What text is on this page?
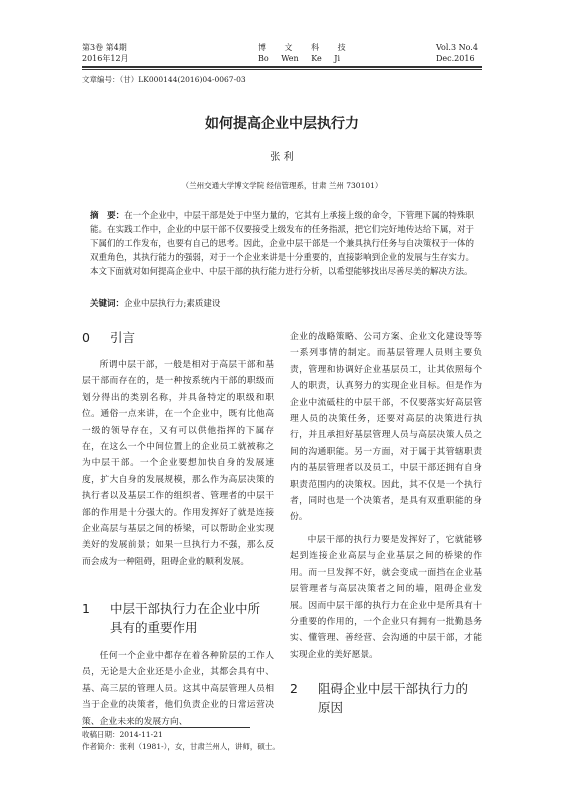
第3卷 第4期
2016年12月
博 文 科 技
Bo Wen Ke Ji
Vol.3 No.4
Dec.2016
文章编号：（甘）LK000144(2016)04-0067-03
如何提高企业中层执行力
张 利
（兰州交通大学博文学院 经信管理系，甘肃 兰州 730101）
摘　要：在一个企业中，中层干部是处于中坚力量的，它其有上承接上级的命令，下管理下属的特殊职能。在实践工作中，企业的中层干部不仅要接受上级发布的任务指派，把它们完好地传达给下属，对于下属们的工作发布，也要有自己的思考。因此，企业中层干部是一个兼具执行任务与自决策权于一体的双重角色，其执行能力的强弱，对于一个企业来讲是十分重要的，直接影响到企业的发展与生存实力。本文下面就对如何提高企业中、中层干部的执行能力进行分析，以希望能够找出尽善尽美的解决方法。
关键词：企业中层执行力;素质建设
0 引言

所谓中层干部，一般是相对于高层干部和基层干部而存在的，是一种按系统内干部的职级而划分得出的类别名称，并具备特定的职级和职位。通俗一点来讲，在一个企业中，既有比他高一级的领导存在，又有可以供他指挥的下属存在，在这么一个中间位置上的企业员工就被称之为中层干部。一个企业要想加快自身的发展速度，扩大自身的发展规模，那么作为高层决策的执行者以及基层工作的组织者、管理者的中层干部的作用是十分强大的。作用发挥好了就是连接企业高层与基层之间的桥梁，可以帮助企业实现美好的发展前景；如果一旦执行力不强，那么反而会成为一种阻碍，阻碍企业的顺利发展。

1 中层干部执行力在企业中所
具有的重要作用

任何一个企业中都存在着各种阶层的工作人员，无论是大企业还是小企业，其都会具有中、基、高三层的管理人员。这其中高层管理人员相当于企业的决策者，他们负责企业的日常运营决策、企业未来的发展方向、

企业的战略策略、公司方案、企业文化建设等等一系列事情的制定。而基层管理人员则主要负责，管理和协调好企业基层员工，让其依照每个人的职责，认真努力的实现企业目标。但是作为企业中流砥柱的中层干部，不仅要落实好高层管理人员的决策任务，还要对高层的决策进行执行，并且承担好基层管理人员与高层决策人员之间的沟通职能。另一方面，对于属于其管辖职责内的基层管理者以及员工，中层干部还拥有自身职责范围内的决策权。因此，其不仅是一个执行者，同时也是一个决策者，是具有双重职能的身份。

中层干部的执行力要是发挥好了，它就能够起到连接企业高层与企业基层之间的桥梁的作用。而一旦发挥不好，就会变成一面挡在企业基层管理者与高层决策者之间的墙，阻碍企业发展。因而中层干部的执行力在企业中是所具有十分重要的作用的，一个企业只有拥有一批勤恳务实、懂管理、善经营、会沟通的中层干部，才能实现企业的美好愿景。

2 阻碍企业中层干部执行力的
原因
收稿日期：2014-11-21
作者简介：张利（1981-），女，甘肃兰州人，讲师，硕士。
